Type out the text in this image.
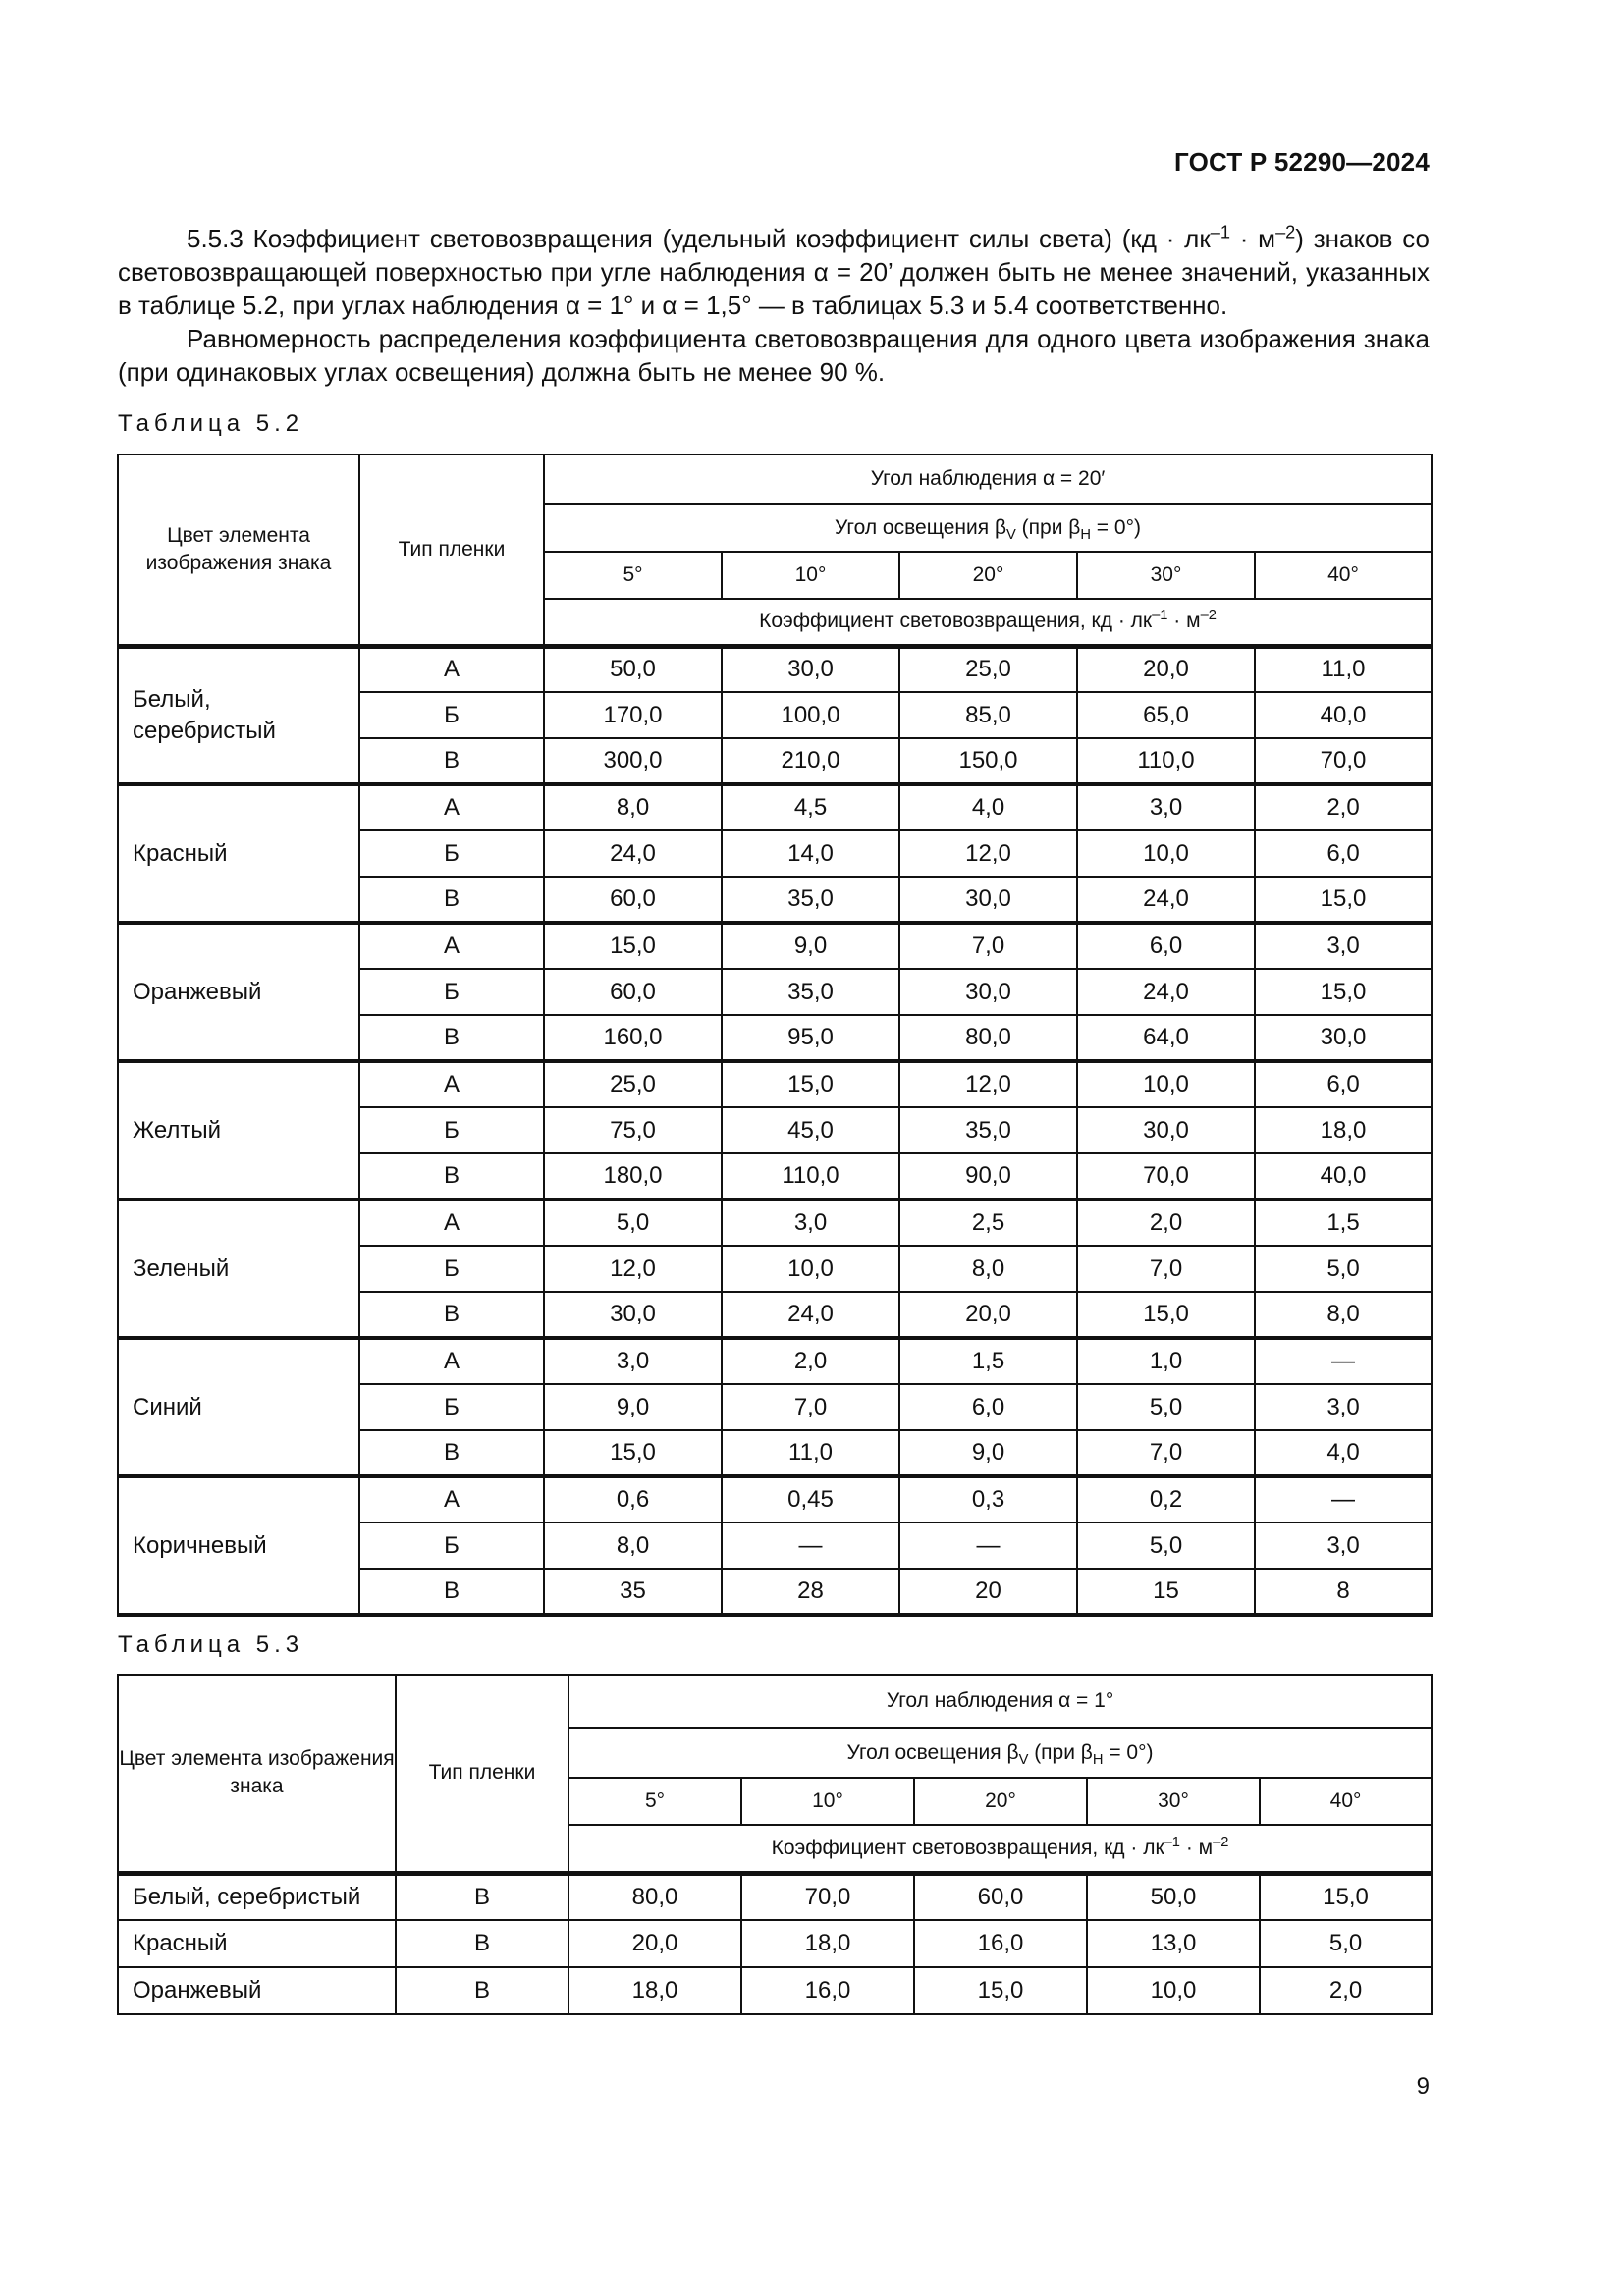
ГОСТ Р 52290—2024

5.5.3 Коэффициент световозвращения (удельный коэффициент силы света) $(кд \cdot лк^{-1} \cdot м^{-2})$ знаков со световозвращающей поверхностью при угле наблюдения α = 20’ должен быть не менее значений, указанных в таблице 5.2, при углах наблюдения α = 1° и α = 1,5° — в таблицах 5.3 и 5.4 соответственно.

Равномерность распределения коэффициента световозвращения для одного цвета изображения знака (при одинаковых углах освещения) должна быть не менее 90 %.

Таблица 5.2
Цвет элемента изображения знака	Тип пленки	Угол наблюдения α = 20′				
		Угол освещения $\beta_V$ (при $\beta_Н = 0^\circ$)				
		5°	10°	20°	30°	40°
		Коэффициент световозвращения, кд · $лк^{-1} \cdot м^{-2}$
Белый, серебристый	А	50,0	30,0	25,0	20,0	11,0
	Б	170,0	100,0	85,0	65,0	40,0
	В	300,0	210,0	150,0	110,0	70,0
Красный	А	8,0	4,5	4,0	3,0	2,0
	Б	24,0	14,0	12,0	10,0	6,0
	В	60,0	35,0	30,0	24,0	15,0
Оранжевый	А	15,0	9,0	7,0	6,0	3,0
	Б	60,0	35,0	30,0	24,0	15,0
	В	160,0	95,0	80,0	64,0	30,0
Желтый	А	25,0	15,0	12,0	10,0	6,0
	Б	75,0	45,0	35,0	30,0	18,0
	В	180,0	110,0	90,0	70,0	40,0
Зеленый	А	5,0	3,0	2,5	2,0	1,5
	Б	12,0	10,0	8,0	7,0	5,0
	В	30,0	24,0	20,0	15,0	8,0
Синий	А	3,0	2,0	1,5	1,0	—
	Б	9,0	7,0	6,0	5,0	3,0
	В	15,0	11,0	9,0	7,0	4,0
Коричневый	А	0,6	0,45	0,3	0,2	—
	Б	8,0	—	—	5,0	3,0
	В	35	28	20	15	8
Таблица 5.3
Цвет элемента изображения знака	Тип пленки	Угол наблюдения α = 1°				
		Угол освещения $\beta_V$ (при $\beta_Н = 0^\circ$)				
		5°	10°	20°	30°	40°
		Коэффициент световозвращения, кд · $лк^{-1} \cdot м^{-2}$
Белый, серебристый	В	80,0	70,0	60,0	50,0	15,0
Красный	В	20,0	18,0	16,0	13,0	5,0
Оранжевый	В	18,0	16,0	15,0	10,0	2,0
9
